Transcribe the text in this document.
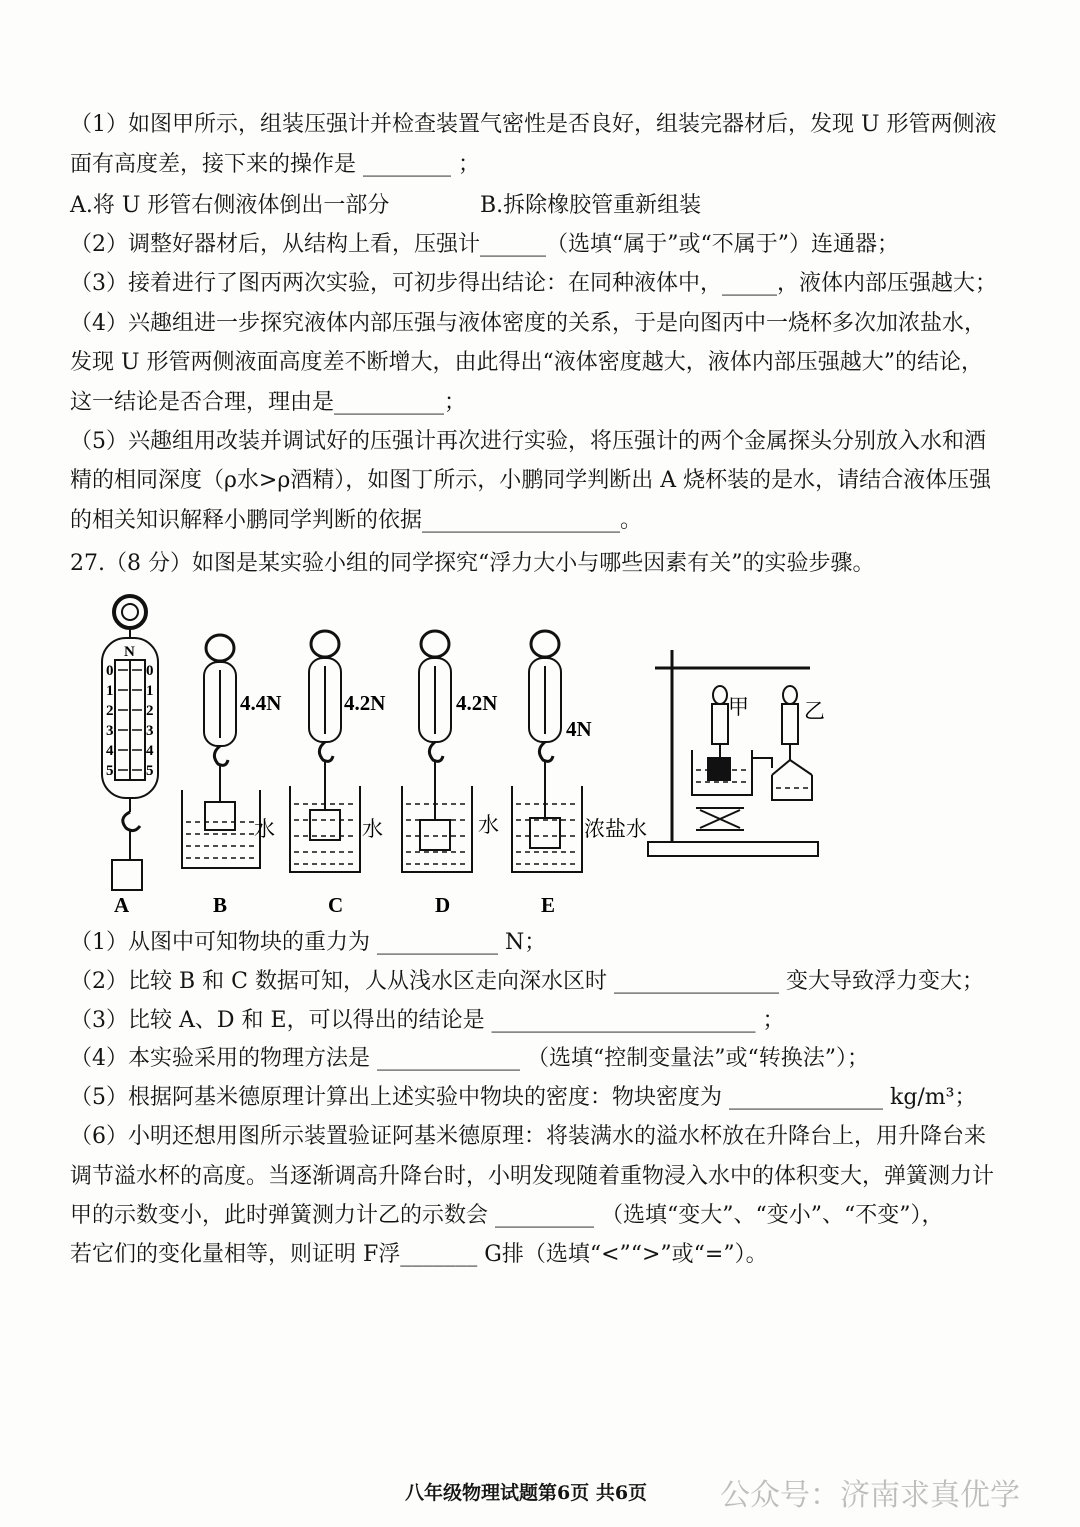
（1）如图甲所示，组装压强计并检查装置气密性是否良好，组装完器材后，发现 U 形管两侧液
面有高度差，接下来的操作是 ________ ；
A.将 U 形管右侧液体倒出一部分	B.拆除橡胶管重新组装
（2）调整好器材后，从结构上看，压强计______（选填“属于”或“不属于”）连通器；
（3）接着进行了图丙两次实验，可初步得出结论：在同种液体中，_____，液体内部压强越大；
（4）兴趣组进一步探究液体内部压强与液体密度的关系，于是向图丙中一烧杯多次加浓盐水，
发现 U 形管两侧液面高度差不断增大，由此得出“液体密度越大，液体内部压强越大”的结论，
这一结论是否合理，理由是__________；
（5）兴趣组用改装并调试好的压强计再次进行实验，将压强计的两个金属探头分别放入水和酒
精的相同深度（ρ水>ρ酒精），如图丁所示，小鹏同学判断出 A 烧杯装的是水，请结合液体压强
的相关知识解释小鹏同学判断的依据__________________。
27.（8 分）如图是某实验小组的同学探究“浮力大小与哪些因素有关”的实验步骤。
N
0 0
1 1
2 2
3 3
4 4
5 5
4.4N	4.2N	4.2N
4N
水	水	水	浓盐水
甲	乙
A	B	C	D	E
（1）从图中可知物块的重力为 ___________ N；
（2）比较 B 和 C 数据可知，人从浅水区走向深水区时 _______________ 变大导致浮力变大；
（3）比较 A、D 和 E，可以得出的结论是 ________________________ ；
（4）本实验采用的物理方法是 _____________ （选填“控制变量法”或“转换法”）；
（5）根据阿基米德原理计算出上述实验中物块的密度：物块密度为 ______________ kg/m³；
（6）小明还想用图所示装置验证阿基米德原理：将装满水的溢水杯放在升降台上，用升降台来
调节溢水杯的高度。当逐渐调高升降台时，小明发现随着重物浸入水中的体积变大，弹簧测力计
甲的示数变小，此时弹簧测力计乙的示数会 _________ （选填“变大”、“变小”、“不变”），
若它们的变化量相等，则证明 F浮_______ G排（选填“<”“>”或“=”）。
八年级物理试题第6页 共6页 公众号：济南求真优学
